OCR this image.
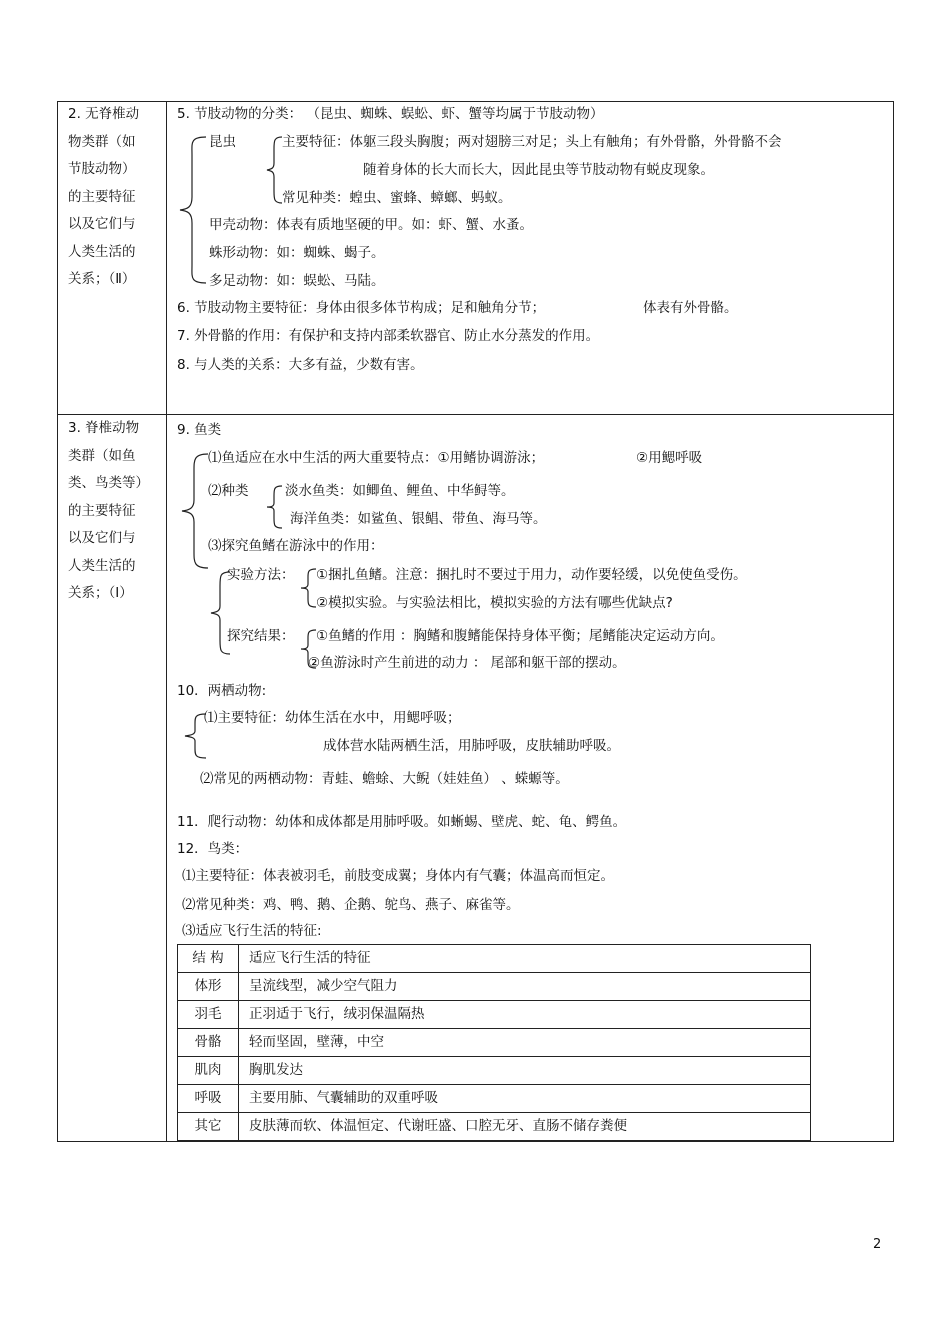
2. 无脊椎动
物类群（如
节肢动物）
的主要特征
以及它们与
人类生活的
关系；（Ⅱ）
5. 节肢动物的分类： （昆虫、蜘蛛、蜈蚣、虾、蟹等均属于节肢动物）
昆虫	主要特征：体躯三段头胸腹；两对翅膀三对足；头上有触角；有外骨骼，外骨骼不会
随着身体的长大而长大，因此昆虫等节肢动物有蜕皮现象。
常见种类：蝗虫、蜜蜂、蟑螂、蚂蚁。
甲壳动物：体表有质地坚硬的甲。如：虾、蟹、水蚤。
蛛形动物：如：蜘蛛、蝎子。
多足动物：如：蜈蚣、马陆。
6. 节肢动物主要特征：身体由很多体节构成；足和触角分节；	体表有外骨骼。
7. 外骨骼的作用：有保护和支持内部柔软器官、防止水分蒸发的作用。
8. 与人类的关系：大多有益，少数有害。
3. 脊椎动物
类群（如鱼
类、鸟类等）
的主要特征
以及它们与
人类生活的
关系；（Ⅰ）
9. 鱼类
⑴鱼适应在水中生活的两大重要特点：①用鳍协调游泳；	②用鳃呼吸
⑵种类	淡水鱼类：如鲫鱼、鲤鱼、中华鲟等。
海洋鱼类：如鲨鱼、银鲳、带鱼、海马等。
⑶探究鱼鳍在游泳中的作用：
实验方法： ①捆扎鱼鳍。注意：捆扎时不要过于用力，动作要轻缓，以免使鱼受伤。
②模拟实验。与实验法相比，模拟实验的方法有哪些优缺点?
探究结果： ①鱼鳍的作用 ：胸鳍和腹鳍能保持身体平衡；尾鳍能决定运动方向。
②鱼游泳时产生前进的动力 ： 尾部和躯干部的摆动。
10．两栖动物:
⑴主要特征：幼体生活在水中，用鳃呼吸；
成体营水陆两栖生活，用肺呼吸，皮肤辅助呼吸。
⑵常见的两栖动物：青蛙、蟾蜍、大鲵（娃娃鱼） 、蝾螈等。
11．爬行动物：幼体和成体都是用肺呼吸。如蜥蜴、壁虎、蛇、龟、鳄鱼。
12．鸟类：
⑴主要特征：体表被羽毛，前肢变成翼；身体内有气囊；体温高而恒定。
⑵常见种类：鸡、鸭、鹅、企鹅、鸵鸟、燕子、麻雀等。
⑶适应飞行生活的特征:
结 构	适应飞行生活的特征
体形	呈流线型，减少空气阻力
羽毛	正羽适于飞行，绒羽保温隔热
骨骼	轻而坚固，壁薄，中空
肌肉	胸肌发达
呼吸	主要用肺、气囊辅助的双重呼吸
其它	皮肤薄而软、体温恒定、代谢旺盛、口腔无牙、直肠不储存粪便
2
